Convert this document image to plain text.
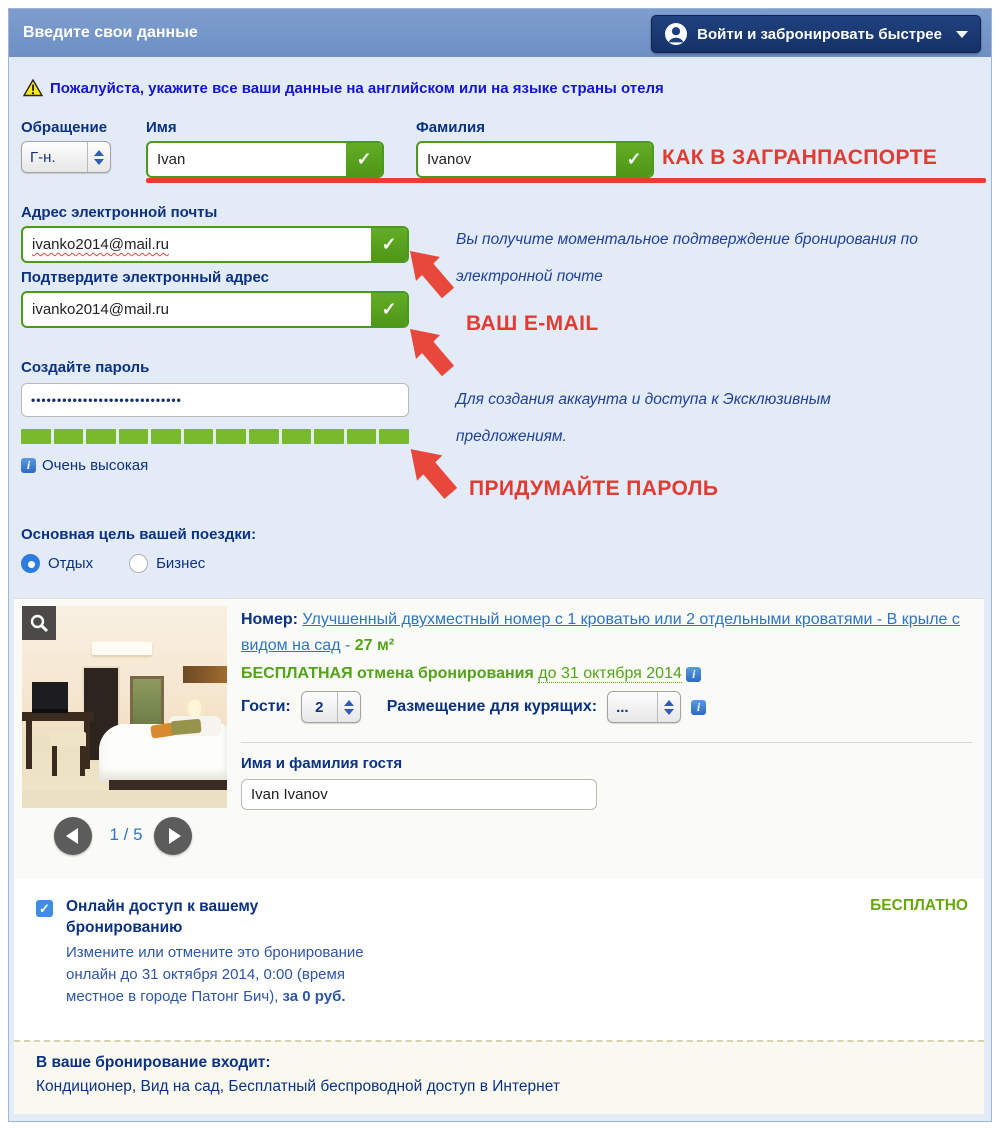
Введите свои данные	Войти и забронировать быстрее
Пожалуйста, укажите все ваши данные на английском или на языке страны отеля
Обращение	Имя	Фамилия
Г-н.	Ivan	✓	Ivanov	✓ КАК В ЗАГРАНПАСПОРТЕ
Адрес электронной почты
ivanko2014@mail.ru	✓	Вы получите моментальное подтверждение бронирования по электронной почте
Подтвердите электронный адрес
ivanko2014@mail.ru	✓
ВАШ E-MAIL
Создайте пароль
•••••••••••••••••••••••••••••	Для создания аккаунта и доступа к Эксклюзивным предложениям.
i Очень высокая
ПРИДУМАЙТЕ ПАРОЛЬ
Основная цель вашей поездки:
Отдых	Бизнес
1 / 5
Номер: Улучшенный двухместный номер с 1 кроватью или 2 отдельными кроватями - В крыле с видом на сад - 27 м²
БЕСПЛАТНАЯ отмена бронирования до 31 октября 2014 i
Гости:	2	Размещение для курящих:	...	i
Имя и фамилия гостя
Ivan Ivanov
✓ Онлайн доступ к вашему бронированию
Измените или отмените это бронирование онлайн до 31 октября 2014, 0:00 (время местное в городе Патонг Бич), за 0 руб.
БЕСПЛАТНО
В ваше бронирование входит:
Кондиционер, Вид на сад, Бесплатный беспроводной доступ в Интернет
